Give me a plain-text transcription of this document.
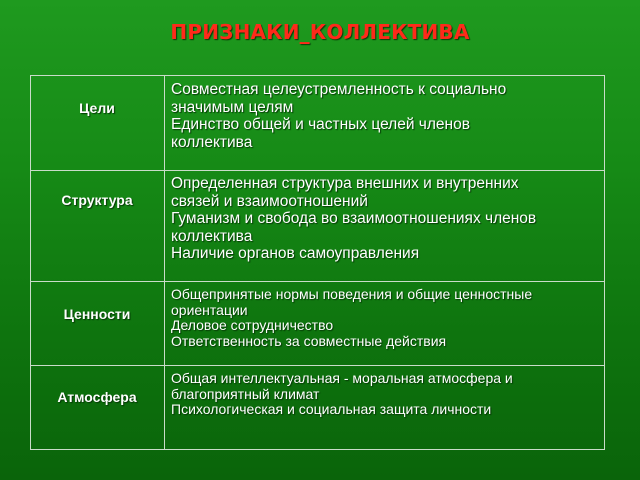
ПРИЗНАКИ_КОЛЛЕКТИВА
Цели
Структура
Ценности
Атмосфера
Совместная целеустремленность к социально
значимым целям
Единство общей и частных целей членов
коллектива
Определенная структура внешних и внутренних
связей и взаимоотношений
Гуманизм и свобода во взаимоотношениях членов
коллектива
Наличие органов самоуправления
Общепринятые нормы поведения и общие ценностные
ориентации
Деловое сотрудничество
Ответственность за совместные действия
Общая интеллектуальная - моральная атмосфера и
благоприятный климат
Психологическая и социальная защита личности
